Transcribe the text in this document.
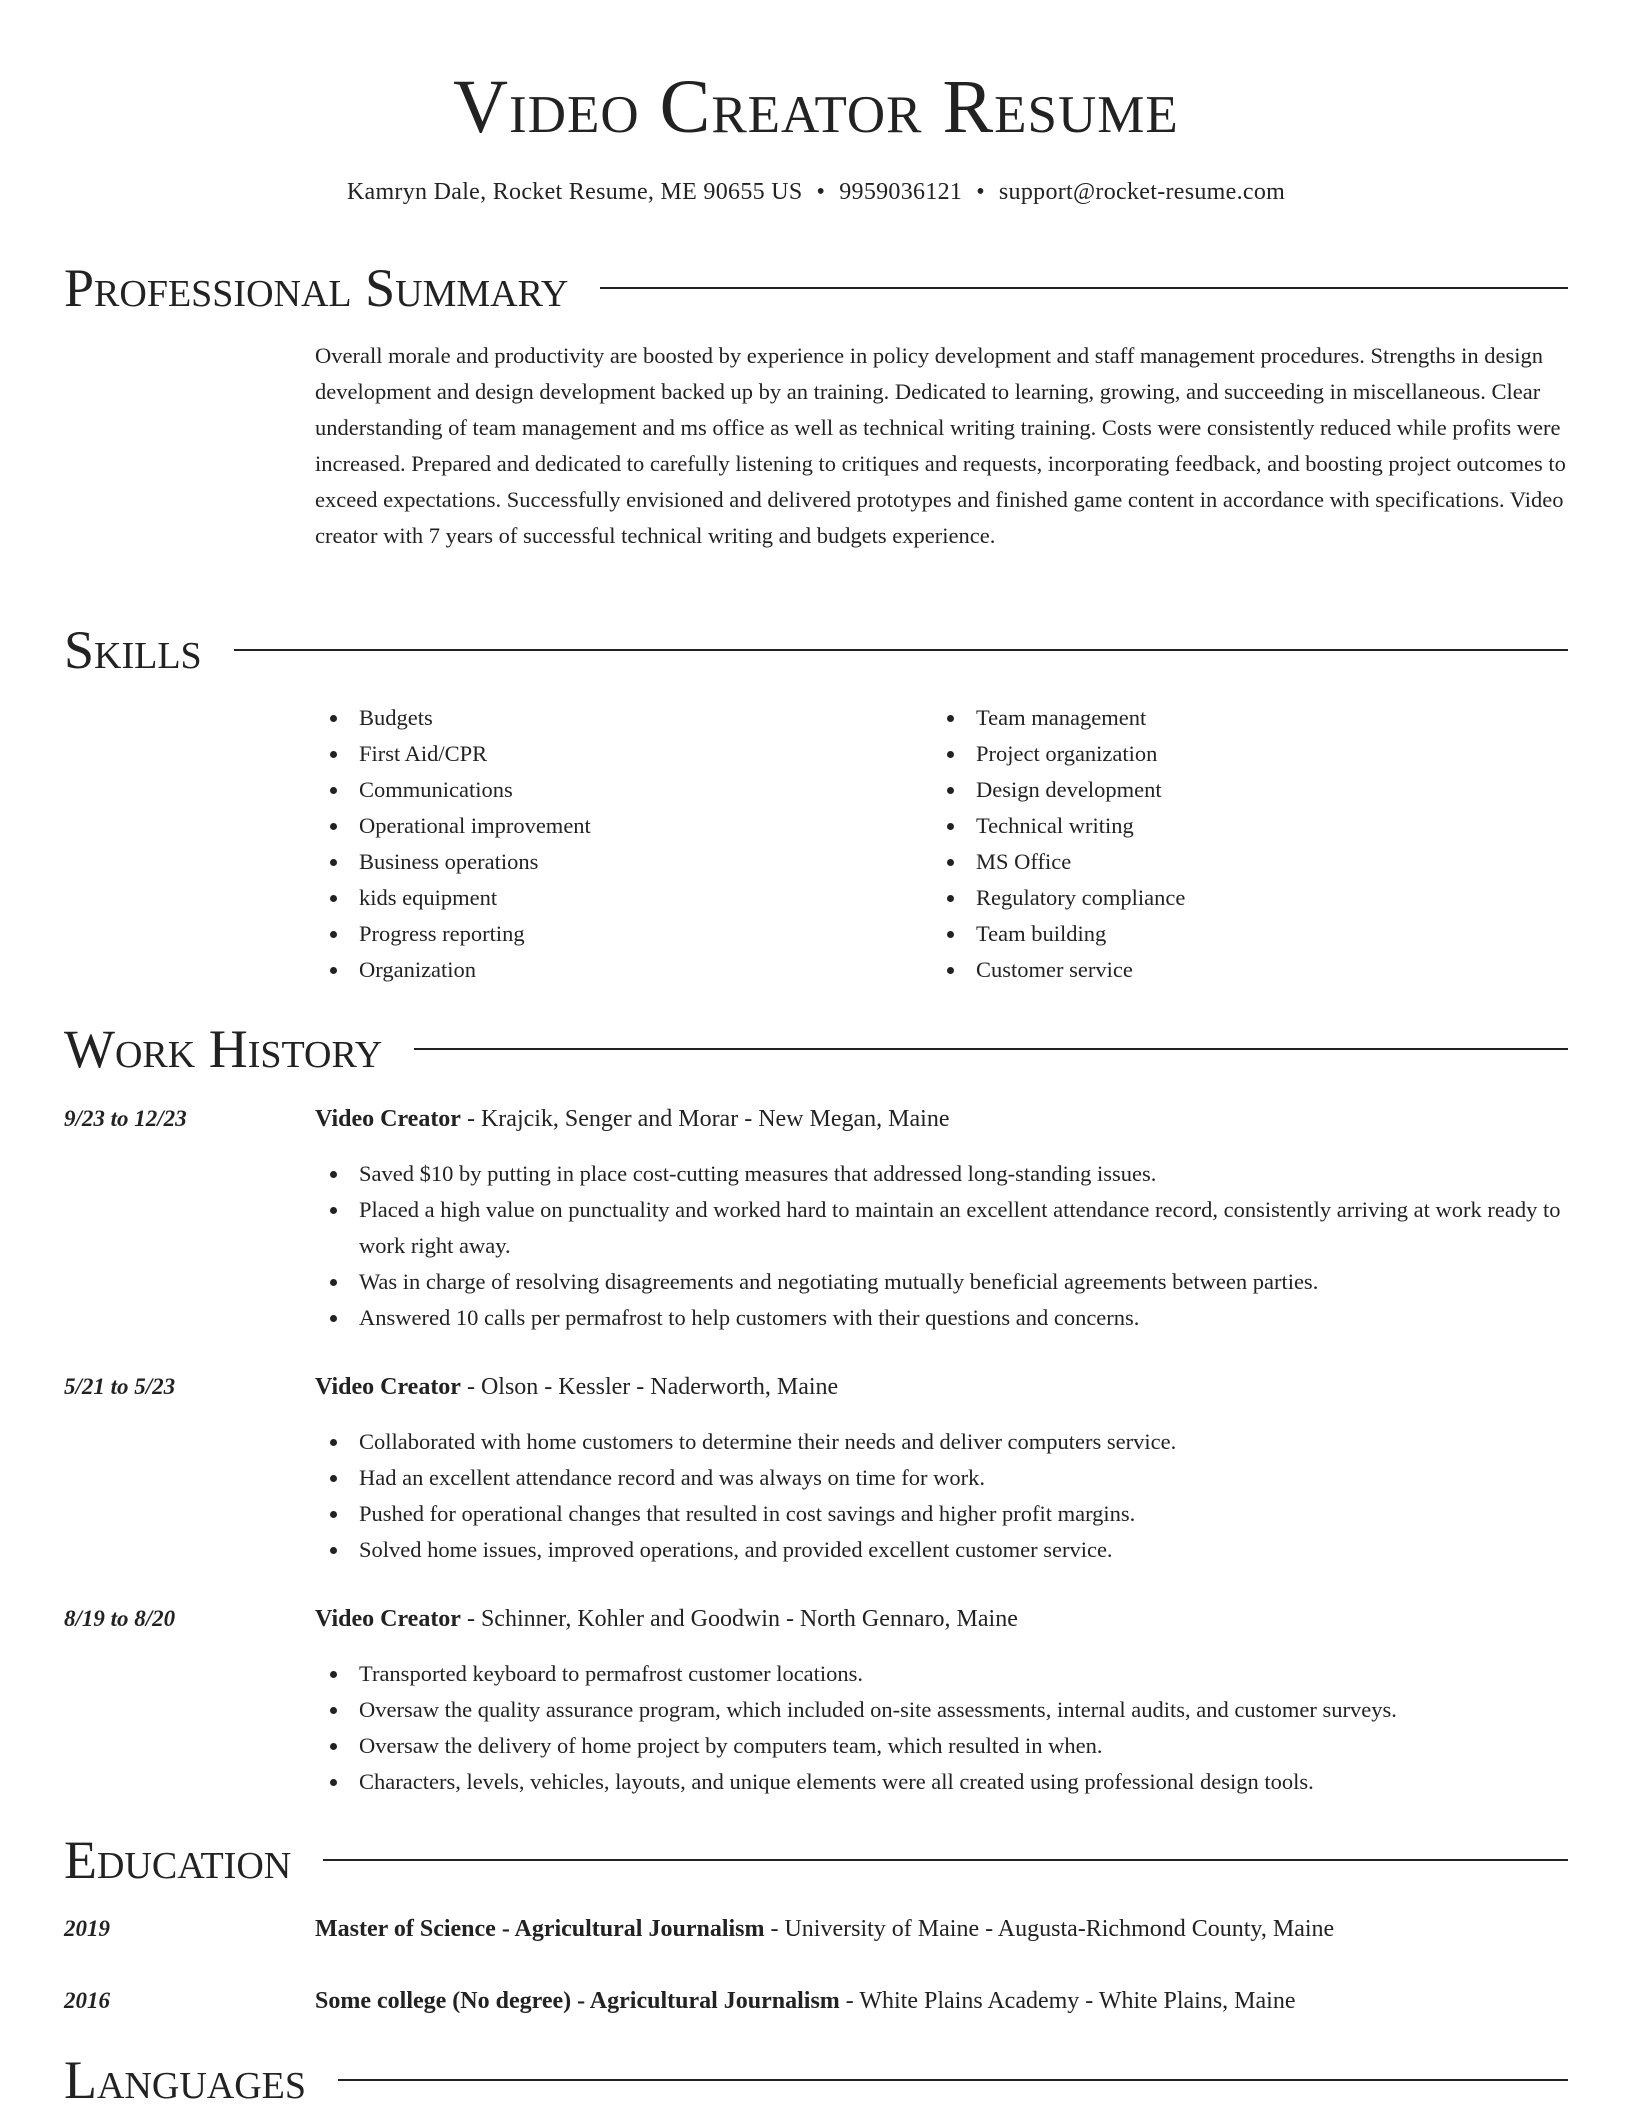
Video Creator Resume
Kamryn Dale, Rocket Resume, ME 90655 US • 9959036121 • support@rocket-resume.com
Professional Summary
Overall morale and productivity are boosted by experience in policy development and staff management procedures. Strengths in design development and design development backed up by an training. Dedicated to learning, growing, and succeeding in miscellaneous. Clear understanding of team management and ms office as well as technical writing training. Costs were consistently reduced while profits were increased. Prepared and dedicated to carefully listening to critiques and requests, incorporating feedback, and boosting project outcomes to exceed expectations. Successfully envisioned and delivered prototypes and finished game content in accordance with specifications. Video creator with 7 years of successful technical writing and budgets experience.
Skills
Budgets
First Aid/CPR
Communications
Operational improvement
Business operations
kids equipment
Progress reporting
Organization
Team management
Project organization
Design development
Technical writing
MS Office
Regulatory compliance
Team building
Customer service
Work History
9/23 to 12/23	Video Creator - Krajcik, Senger and Morar - New Megan, Maine
Saved $10 by putting in place cost-cutting measures that addressed long-standing issues.
Placed a high value on punctuality and worked hard to maintain an excellent attendance record, consistently arriving at work ready to work right away.
Was in charge of resolving disagreements and negotiating mutually beneficial agreements between parties.
Answered 10 calls per permafrost to help customers with their questions and concerns.
5/21 to 5/23	Video Creator - Olson - Kessler - Naderworth, Maine
Collaborated with home customers to determine their needs and deliver computers service.
Had an excellent attendance record and was always on time for work.
Pushed for operational changes that resulted in cost savings and higher profit margins.
Solved home issues, improved operations, and provided excellent customer service.
8/19 to 8/20	Video Creator - Schinner, Kohler and Goodwin - North Gennaro, Maine
Transported keyboard to permafrost customer locations.
Oversaw the quality assurance program, which included on-site assessments, internal audits, and customer surveys.
Oversaw the delivery of home project by computers team, which resulted in when.
Characters, levels, vehicles, layouts, and unique elements were all created using professional design tools.
Education
2019	Master of Science - Agricultural Journalism - University of Maine - Augusta-Richmond County, Maine
2016	Some college (No degree) - Agricultural Journalism - White Plains Academy - White Plains, Maine
Languages
